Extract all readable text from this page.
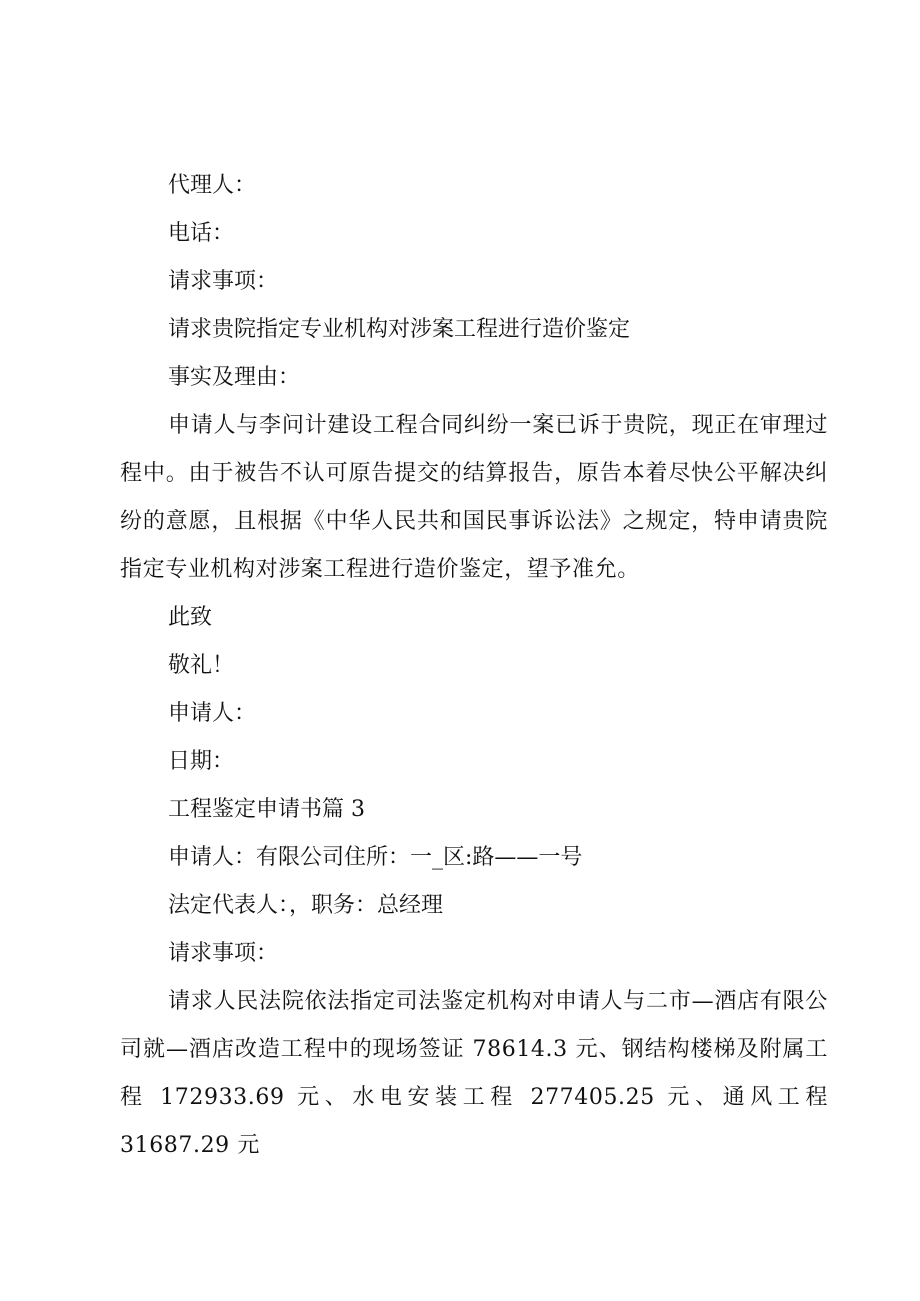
代理人：
电话：
请求事项：
请求贵院指定专业机构对涉案工程进行造价鉴定
事实及理由：
申请人与李问计建设工程合同纠纷一案已诉于贵院，现正在审理过程中。由于被告不认可原告提交的结算报告，原告本着尽快公平解决纠纷的意愿，且根据《中华人民共和国民事诉讼法》之规定，特申请贵院指定专业机构对涉案工程进行造价鉴定，望予准允。
此致
敬礼！
申请人：
日期：
工程鉴定申请书篇 3
申请人：有限公司住所：一_区:路——一号
法定代表人：，职务：总经理
请求事项：
请求人民法院依法指定司法鉴定机构对申请人与二市—酒店有限公司就—酒店改造工程中的现场签证 78614.3 元、钢结构楼梯及附属工程 172933.69 元、水电安装工程 277405.25 元、通风工程 31687.29 元
